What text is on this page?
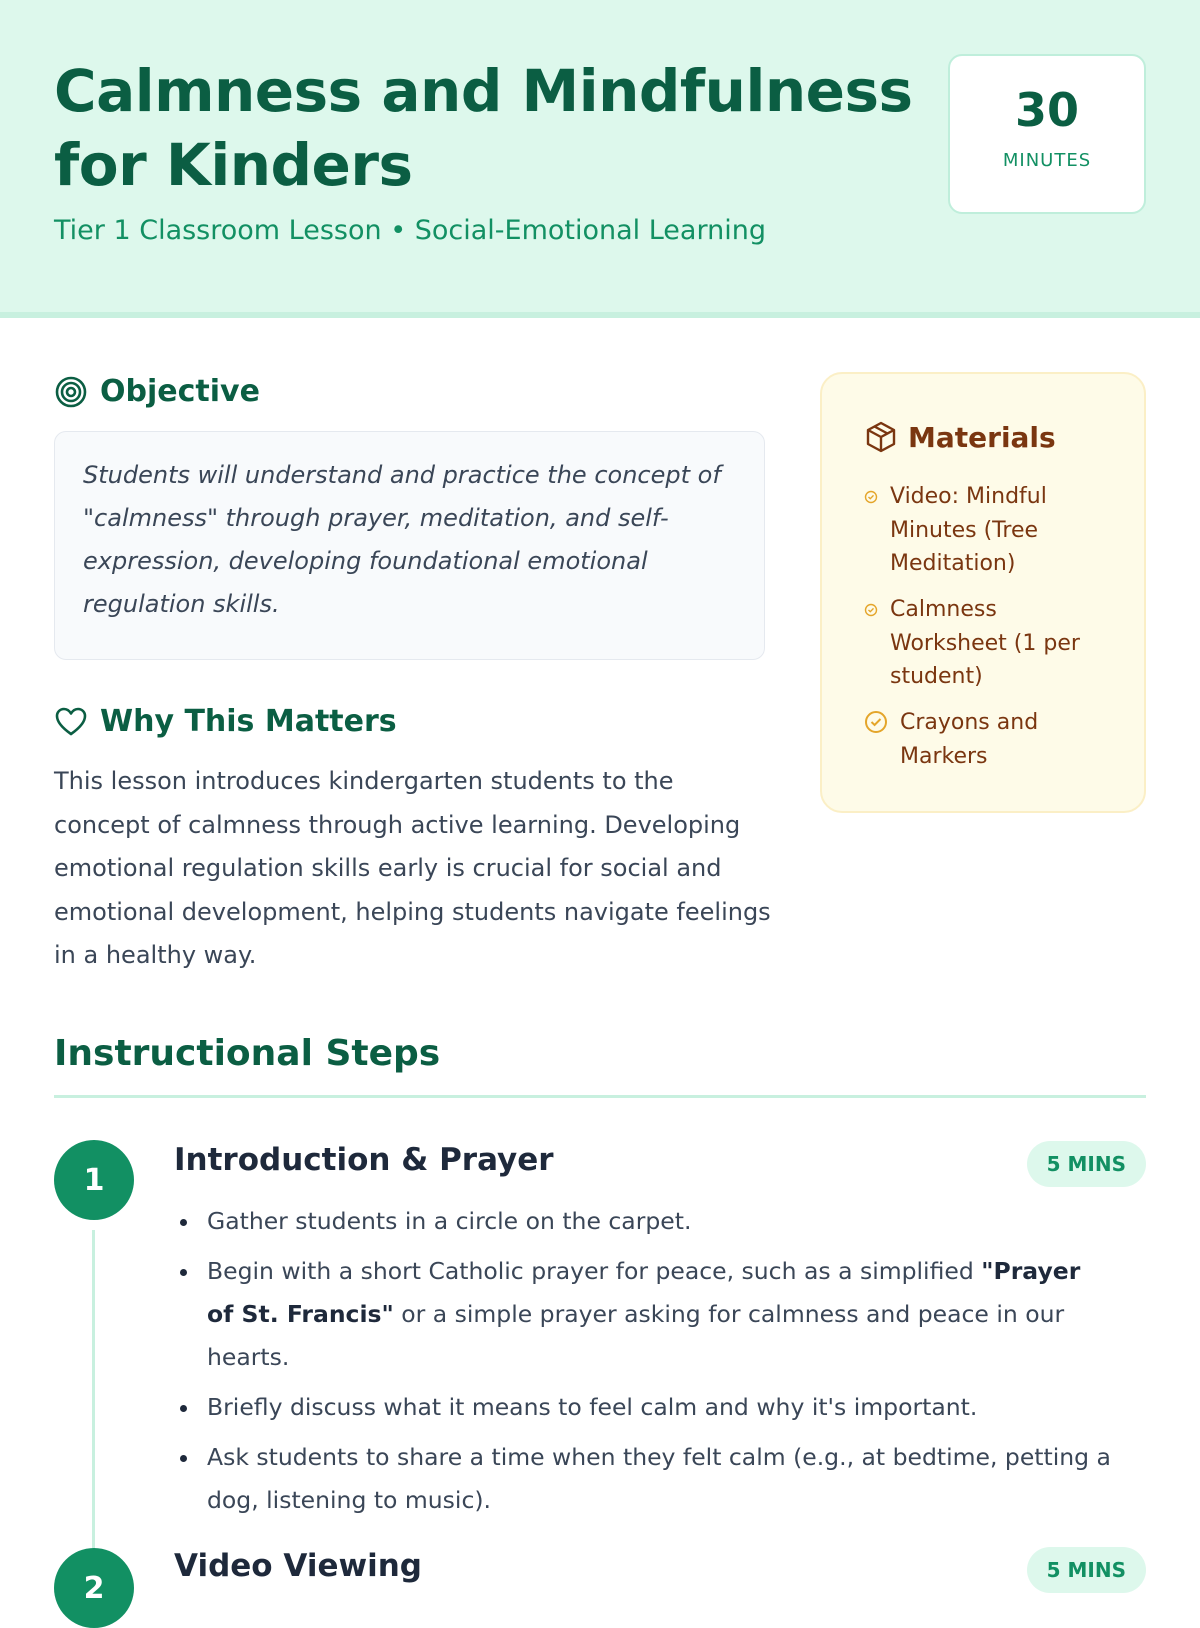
Calmness and Mindfulness for Kinders
Tier 1 Classroom Lesson • Social-Emotional Learning
30
MINUTES
Objective

Students will understand and practice the concept of "calmness" through prayer, meditation, and self-expression, developing foundational emotional regulation skills.

Why This Matters

This lesson introduces kindergarten students to the concept of calmness through active learning. Developing emotional regulation skills early is crucial for social and emotional development, helping students navigate feelings in a healthy way.

Materials
Video: Mindful Minutes (Tree Meditation)
Calmness Worksheet (1 per student)
Crayons and Markers
Instructional Steps
1
Introduction & Prayer	5 MINS
Gather students in a circle on the carpet.
Begin with a short Catholic prayer for peace, such as a simplified "Prayer of St. Francis" or a simple prayer asking for calmness and peace in our hearts.
Briefly discuss what it means to feel calm and why it's important.
Ask students to share a time when they felt calm (e.g., at bedtime, petting a dog, listening to music).
2
Video Viewing	5 MINS
